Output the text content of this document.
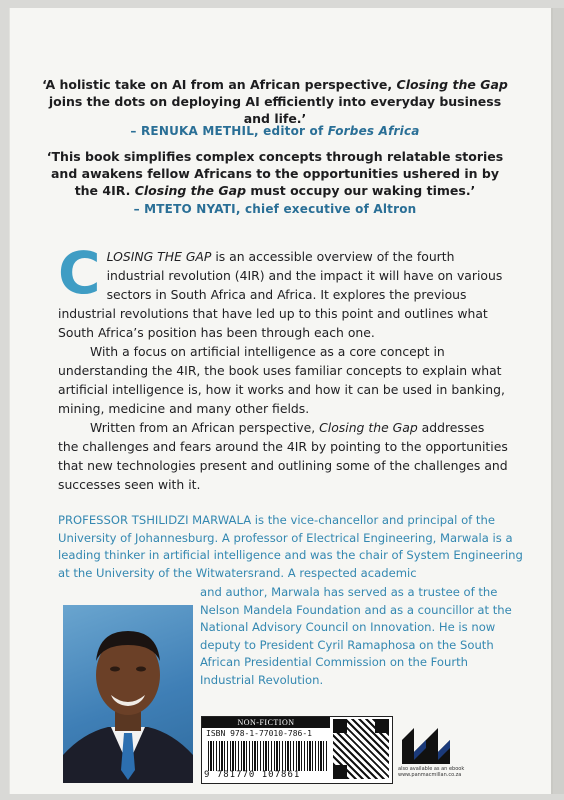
‘A holistic take on AI from an African perspective, Closing the Gap joins the dots on deploying AI efficiently into everyday business and life.’
– RENUKA METHIL, editor of Forbes Africa
‘This book simplifies complex concepts through relatable stories and awakens fellow Africans to the opportunities ushered in by the 4IR. Closing the Gap must occupy our waking times.’
– MTETO NYATI, chief executive of Altron

CLOSING THE GAP is an accessible overview of the fourth industrial revolution (4IR) and the impact it will have on various sectors in South Africa and Africa. It explores the previous industrial revolutions that have led up to this point and outlines what South Africa’s position has been through each one.

With a focus on artificial intelligence as a core concept in understanding the 4IR, the book uses familiar concepts to explain what artificial intelligence is, how it works and how it can be used in banking, mining, medicine and many other fields.

Written from an African perspective, Closing the Gap addresses the challenges and fears around the 4IR by pointing to the opportunities that new technologies present and outlining some of the challenges and successes seen with it.

PROFESSOR TSHILIDZI MARWALA is the vice-chancellor and principal of the University of Johannesburg. A professor of Electrical Engineering, Marwala is a leading thinker in artificial intelligence and was the chair of System Engineering at the University of the Witwatersrand. A respected academic
and author, Marwala has served as a trustee of the Nelson Mandela Foundation and as a councillor at the National Advisory Council on Innovation. He is now deputy to President Cyril Ramaphosa on the South African Presidential Commission on the Fourth Industrial Revolution.
NON-FICTION
ISBN 978-1-77010-786-1
9 781770 107861
also available as an ebook www.panmacmillan.co.za
